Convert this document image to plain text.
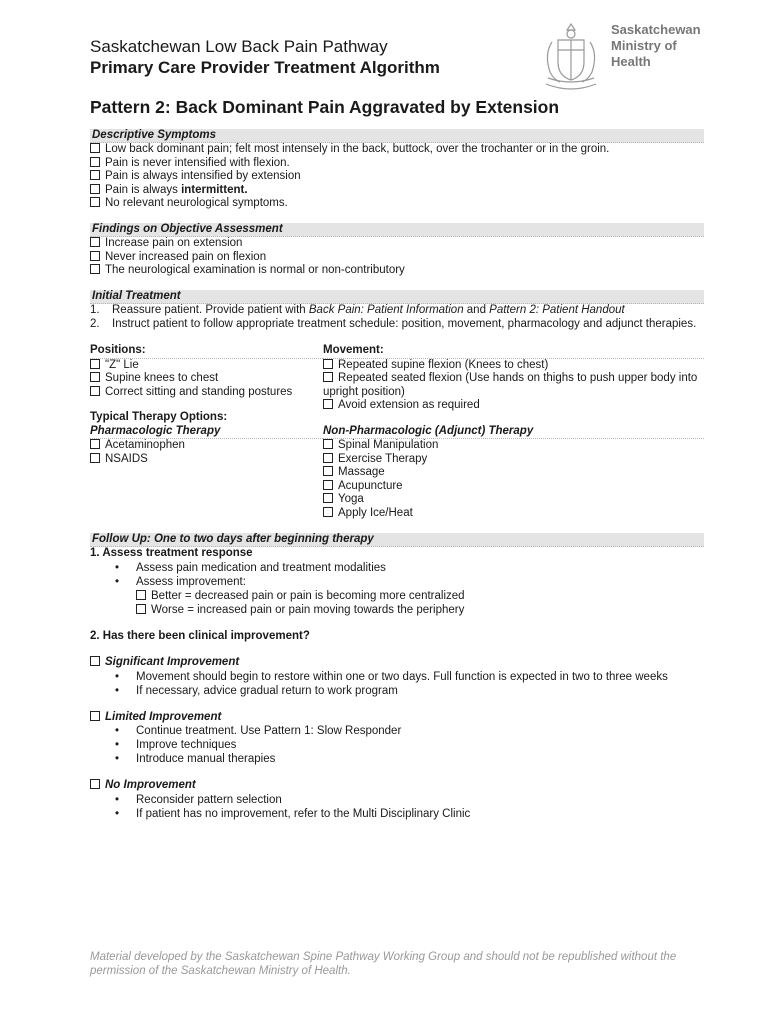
Saskatchewan Low Back Pain Pathway
Primary Care Provider Treatment Algorithm
Saskatchewan
Ministry of
Health
Pattern 2: Back Dominant Pain Aggravated by Extension
Descriptive Symptoms
Low back dominant pain; felt most intensely in the back, buttock, over the trochanter or in the groin.
Pain is never intensified with flexion.
Pain is always intensified by extension
Pain is always intermittent.
No relevant neurological symptoms.
Findings on Objective Assessment
Increase pain on extension
Never increased pain on flexion
The neurological examination is normal or non-contributory
Initial Treatment
1. Reassure patient. Provide patient with Back Pain: Patient Information and Pattern 2: Patient Handout
2. Instruct patient to follow appropriate treatment schedule: position, movement, pharmacology and adjunct therapies.
Positions:
"Z" Lie
Supine knees to chest
Correct sitting and standing postures
Movement:
Repeated supine flexion (Knees to chest)
Repeated seated flexion (Use hands on thighs to push upper body into upright position)
Avoid extension as required
Typical Therapy Options:
Pharmacologic Therapy
Acetaminophen
NSAIDS
Non-Pharmacologic (Adjunct) Therapy
Spinal Manipulation
Exercise Therapy
Massage
Acupuncture
Yoga
Apply Ice/Heat
Follow Up: One to two days after beginning therapy
1. Assess treatment response
• Assess pain medication and treatment modalities
• Assess improvement:
Better = decreased pain or pain is becoming more centralized
Worse = increased pain or pain moving towards the periphery
2. Has there been clinical improvement?
Significant Improvement
• Movement should begin to restore within one or two days. Full function is expected in two to three weeks
• If necessary, advice gradual return to work program
Limited Improvement
• Continue treatment. Use Pattern 1: Slow Responder
• Improve techniques
• Introduce manual therapies
No Improvement
• Reconsider pattern selection
• If patient has no improvement, refer to the Multi Disciplinary Clinic
Material developed by the Saskatchewan Spine Pathway Working Group and should not be republished without the
permission of the Saskatchewan Ministry of Health.
